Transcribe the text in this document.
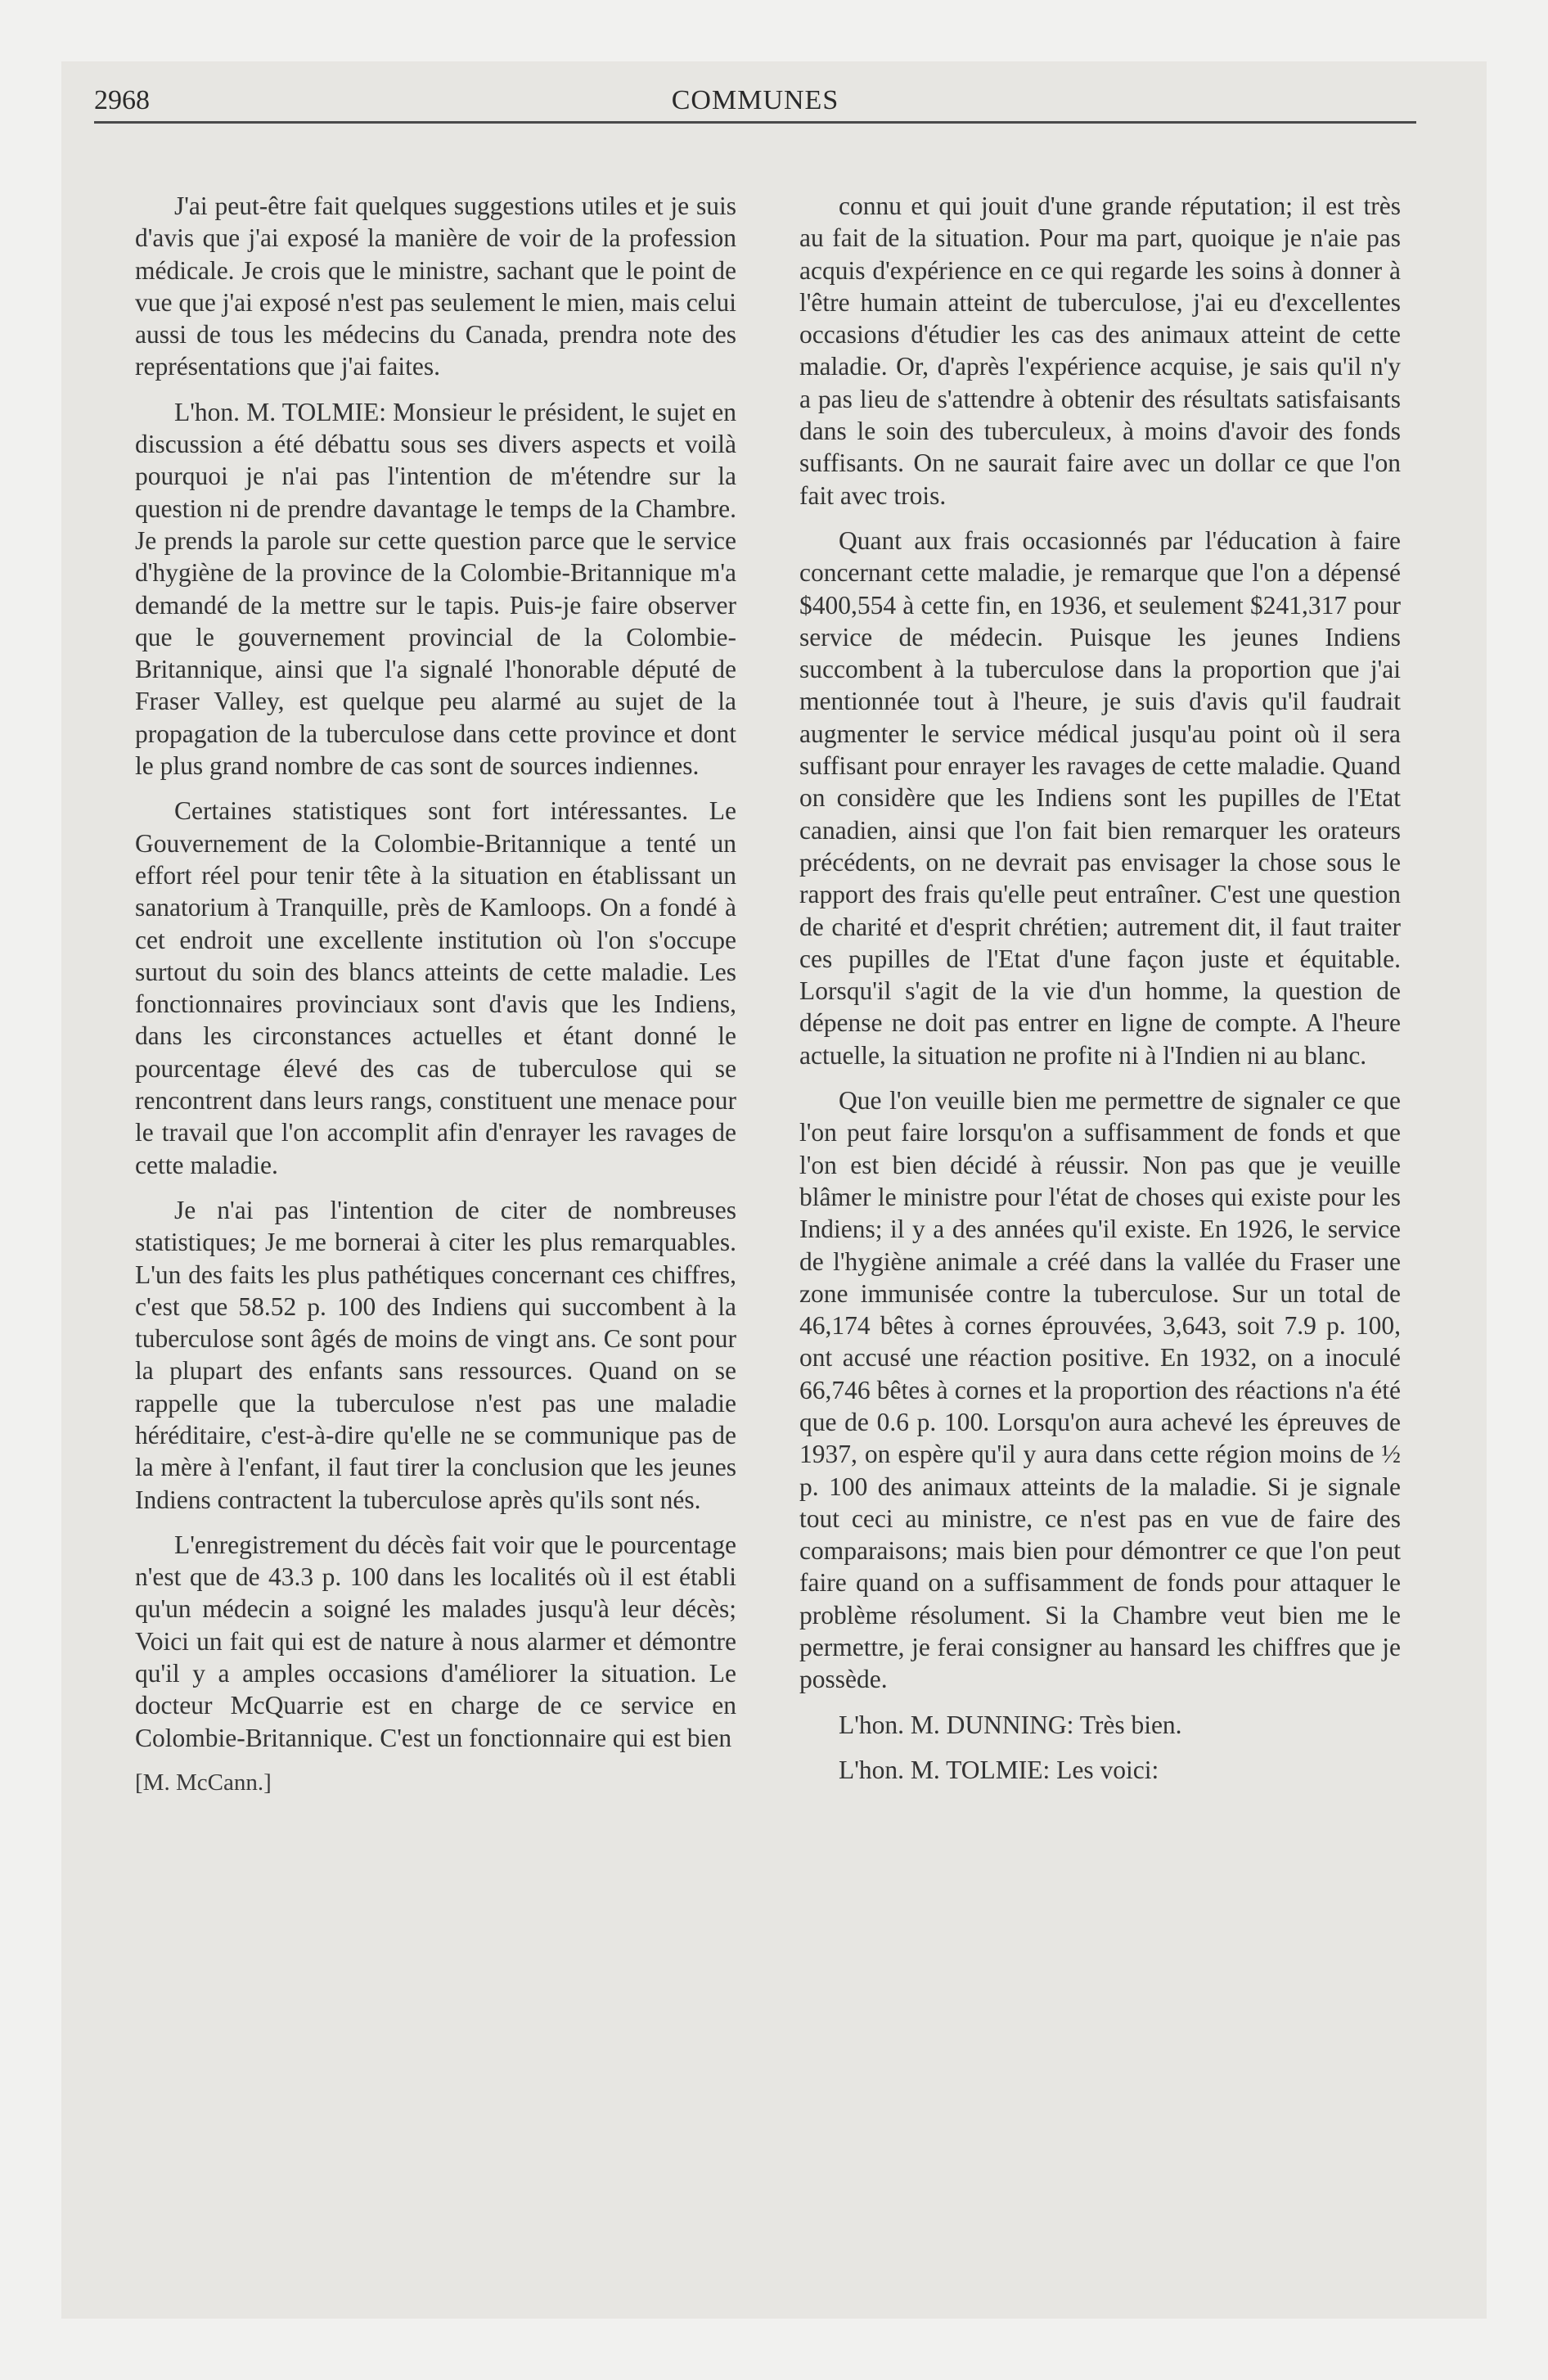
2968	COMMUNES

J'ai peut-être fait quelques suggestions utiles et je suis d'avis que j'ai exposé la manière de voir de la profession médicale. Je crois que le ministre, sachant que le point de vue que j'ai exposé n'est pas seulement le mien, mais celui aussi de tous les médecins du Canada, prendra note des représentations que j'ai faites.

L'hon. M. TOLMIE: Monsieur le président, le sujet en discussion a été débattu sous ses divers aspects et voilà pourquoi je n'ai pas l'intention de m'étendre sur la question ni de prendre davantage le temps de la Chambre. Je prends la parole sur cette question parce que le service d'hygiène de la province de la Colombie-Britannique m'a demandé de la mettre sur le tapis. Puis-je faire observer que le gouvernement provincial de la Colombie-Britannique, ainsi que l'a signalé l'honorable député de Fraser Valley, est quelque peu alarmé au sujet de la propagation de la tuberculose dans cette province et dont le plus grand nombre de cas sont de sources indiennes.

Certaines statistiques sont fort intéressantes. Le Gouvernement de la Colombie-Britannique a tenté un effort réel pour tenir tête à la situation en établissant un sanatorium à Tranquille, près de Kamloops. On a fondé à cet endroit une excellente institution où l'on s'occupe surtout du soin des blancs atteints de cette maladie. Les fonctionnaires provinciaux sont d'avis que les Indiens, dans les circonstances actuelles et étant donné le pourcentage élevé des cas de tuberculose qui se rencontrent dans leurs rangs, constituent une menace pour le travail que l'on accomplit afin d'enrayer les ravages de cette maladie.

Je n'ai pas l'intention de citer de nombreuses statistiques; Je me bornerai à citer les plus remarquables. L'un des faits les plus pathétiques concernant ces chiffres, c'est que 58.52 p. 100 des Indiens qui succombent à la tuberculose sont âgés de moins de vingt ans. Ce sont pour la plupart des enfants sans ressources. Quand on se rappelle que la tuberculose n'est pas une maladie héréditaire, c'est-à-dire qu'elle ne se communique pas de la mère à l'enfant, il faut tirer la conclusion que les jeunes Indiens contractent la tuberculose après qu'ils sont nés.

L'enregistrement du décès fait voir que le pourcentage n'est que de 43.3 p. 100 dans les localités où il est établi qu'un médecin a soigné les malades jusqu'à leur décès; Voici un fait qui est de nature à nous alarmer et démontre qu'il y a amples occasions d'améliorer la situation. Le docteur McQuarrie est en charge de ce service en Colombie-Britannique. C'est un fonctionnaire qui est bien

[M. McCann.]

connu et qui jouit d'une grande réputation; il est très au fait de la situation. Pour ma part, quoique je n'aie pas acquis d'expérience en ce qui regarde les soins à donner à l'être humain atteint de tuberculose, j'ai eu d'excellentes occasions d'étudier les cas des animaux atteint de cette maladie. Or, d'après l'expérience acquise, je sais qu'il n'y a pas lieu de s'attendre à obtenir des résultats satisfaisants dans le soin des tuberculeux, à moins d'avoir des fonds suffisants. On ne saurait faire avec un dollar ce que l'on fait avec trois.

Quant aux frais occasionnés par l'éducation à faire concernant cette maladie, je remarque que l'on a dépensé $400,554 à cette fin, en 1936, et seulement $241,317 pour service de médecin. Puisque les jeunes Indiens succombent à la tuberculose dans la proportion que j'ai mentionnée tout à l'heure, je suis d'avis qu'il faudrait augmenter le service médical jusqu'au point où il sera suffisant pour enrayer les ravages de cette maladie. Quand on considère que les Indiens sont les pupilles de l'Etat canadien, ainsi que l'on fait bien remarquer les orateurs précédents, on ne devrait pas envisager la chose sous le rapport des frais qu'elle peut entraîner. C'est une question de charité et d'esprit chrétien; autrement dit, il faut traiter ces pupilles de l'Etat d'une façon juste et équitable. Lorsqu'il s'agit de la vie d'un homme, la question de dépense ne doit pas entrer en ligne de compte. A l'heure actuelle, la situation ne profite ni à l'Indien ni au blanc.

Que l'on veuille bien me permettre de signaler ce que l'on peut faire lorsqu'on a suffisamment de fonds et que l'on est bien décidé à réussir. Non pas que je veuille blâmer le ministre pour l'état de choses qui existe pour les Indiens; il y a des années qu'il existe. En 1926, le service de l'hygiène animale a créé dans la vallée du Fraser une zone immunisée contre la tuberculose. Sur un total de 46,174 bêtes à cornes éprouvées, 3,643, soit 7.9 p. 100, ont accusé une réaction positive. En 1932, on a inoculé 66,746 bêtes à cornes et la proportion des réactions n'a été que de 0.6 p. 100. Lorsqu'on aura achevé les épreuves de 1937, on espère qu'il y aura dans cette région moins de ½ p. 100 des animaux atteints de la maladie. Si je signale tout ceci au ministre, ce n'est pas en vue de faire des comparaisons; mais bien pour démontrer ce que l'on peut faire quand on a suffisamment de fonds pour attaquer le problème résolument. Si la Chambre veut bien me le permettre, je ferai consigner au hansard les chiffres que je possède.

L'hon. M. DUNNING: Très bien.

L'hon. M. TOLMIE: Les voici:
